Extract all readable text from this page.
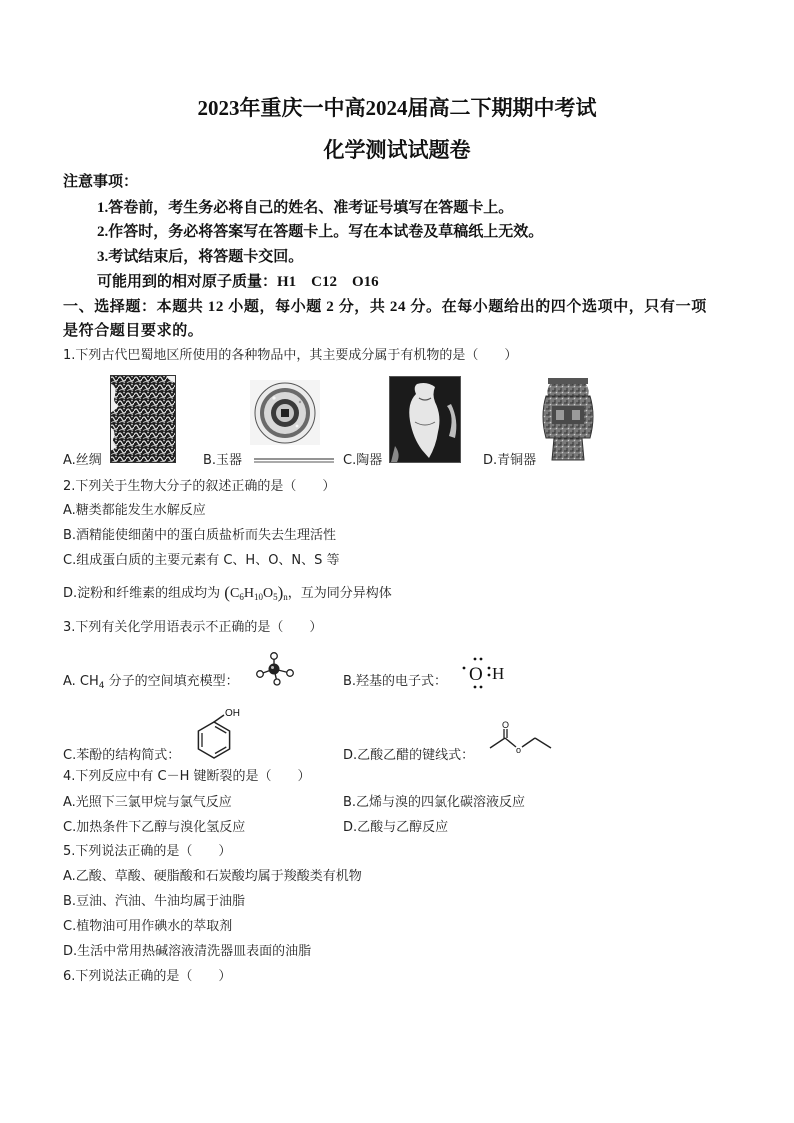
2023年重庆一中高2024届高二下期期中考试
化学测试试题卷
注意事项：
1.答卷前，考生务必将自己的姓名、准考证号填写在答题卡上。
2.作答时，务必将答案写在答题卡上。写在本试卷及草稿纸上无效。
3.考试结束后，将答题卡交回。
可能用到的相对原子质量：H1　C12　O16
一、选择题：本题共 12 小题，每小题 2 分，共 24 分。在每小题给出的四个选项中，只有一项
是符合题目要求的。
1.下列古代巴蜀地区所使用的各种物品中，其主要成分属于有机物的是（　　）
A.丝绸	B.玉器	C.陶器	D.青铜器
2.下列关于生物大分子的叙述正确的是（　　）
A.糖类都能发生水解反应
B.酒精能使细菌中的蛋白质盐析而失去生理活性
C.组成蛋白质的主要元素有 C、H、O、N、S 等
D.淀粉和纤维素的组成均为 $(C_6H_{10}O_5)_n$，互为同分异构体
3.下列有关化学用语表示不正确的是（　　）
A. $CH_4$ 分子的空间填充模型：	B.羟基的电子式： O H
C.苯酚的结构简式：
OH
D.乙酸乙醋的键线式：
O
o
4.下列反应中有 C－H 键断裂的是（　　）
A.光照下三氯甲烷与氯气反应	B.乙烯与溴的四氯化碳溶液反应
C.加热条件下乙醇与溴化氢反应	D.乙酸与乙醇反应
5.下列说法正确的是（　　）
A.乙酸、草酸、硬脂酸和石炭酸均属于羧酸类有机物
B.豆油、汽油、牛油均属于油脂
C.植物油可用作碘水的萃取剂
D.生活中常用热碱溶液清洗器皿表面的油脂
6.下列说法正确的是（　　）
